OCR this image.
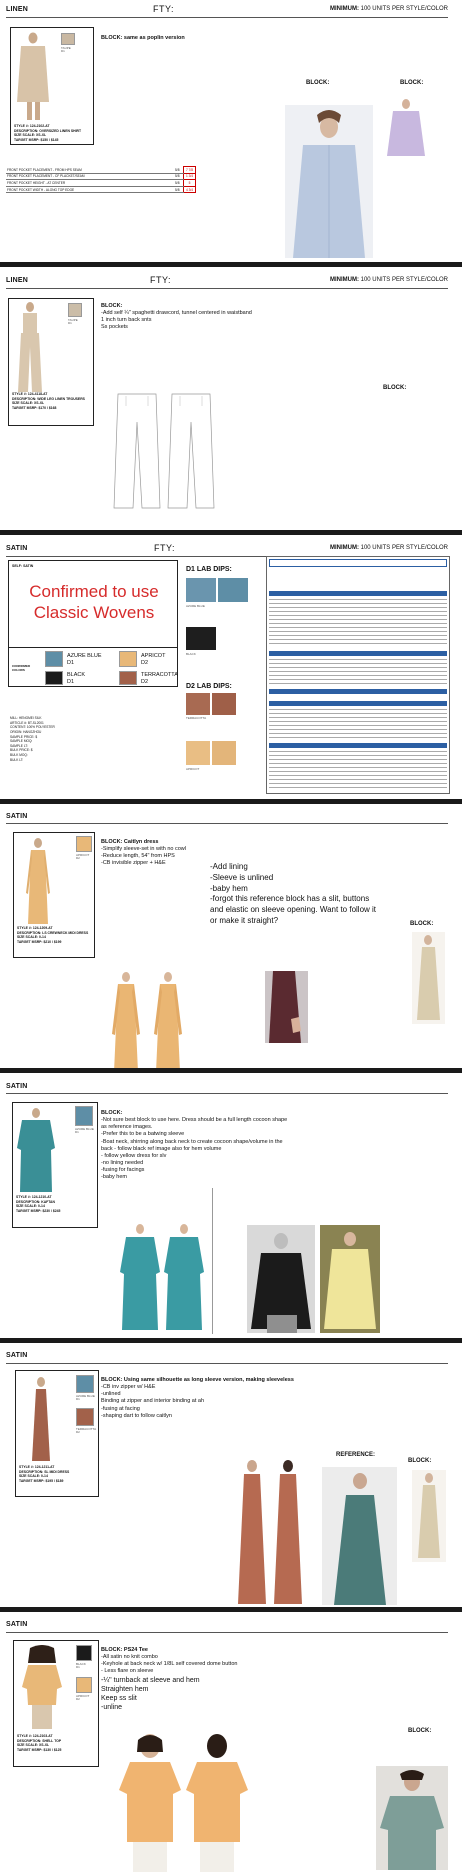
LINEN	FTY:	MINIMUM: 100 UNITS PER STYLE/COLOR
TAUPE
D1
STYLE #: 124-2102-AT
DESCRIPTION: OVERSIZED LINEN SHIRT
SIZE SCALE: XS-XL
TARGET MSRP: $150 / $145
BLOCK: same as poplin version
BLOCK:	BLOCK:
FRONT POCKET PLACEMENT - FROM HPS SEAM	5/8	7 7/8
FRONT POCKET PLACEMENT - CF PLACKET/SEAM	5/8	1 3/4
FRONT POCKET HEIGHT - AT CENTER	5/8	5
FRONT POCKET WIDTH - ALONG TOP EDGE	5/8	4 3/4
LINEN	FTY:	MINIMUM: 100 UNITS PER STYLE/COLOR
TAUPE
D1
STYLE #: 124-4118-AT
DESCRIPTION: WIDE LEG LINEN TROUSERS
SIZE SCALE: XS-XL
TARGET MSRP: $170 / $168
BLOCK:
-Add self ¼" spaghetti drawcord, tunnel centered in waistband
1 inch turn back snts
Ss pockets
BLOCK:
SATIN	FTY:	MINIMUM: 100 UNITS PER STYLE/COLOR
SELF: SATIN
Confirmed to use Classic Wovens
CONFIRMED COLORS
AZURE BLUE
D1
APRICOT
D2
BLACK
D1
TERRACOTTA
D2
MILL: HENGMEI SILK
ARTICLE #: BT-SL2001
CONTENT: 100% POLYESTER
ORIGIN: HANGZHOU
SAMPLE PRICE: $
SAMPLE MOQ:
SAMPLE LT:
BULK PRICE: $
BULK MOQ:
BULK LT:
D1 LAB DIPS:
AZURE BLUE
BLACK
D2 LAB DIPS:
TERRACOTTA
APRICOT
SATIN
APRICOT
D2
STYLE #: 124-1209-AT
DESCRIPTION: LS CREWNECK MIDI DRESS
SIZE SCALE: 0-14
TARGET MSRP: $210 / $199
BLOCK: Caitlyn dress
-Simplify sleeve-set in with no cowl
-Reduce length, 54" from HPS
-CB invisible zipper + H&E	-Add lining
-Sleeve is unlined
-baby hem
-forgot this reference block has a slit, buttons and elastic on sleeve opening. Want to follow it or make it straight?	BLOCK:
SATIN
AZURE BLUE
D1
STYLE #: 124-1210-AT
DESCRIPTION: KAFTAN
SIZE SCALE: 0-14
TARGET MSRP: $230 / $245
BLOCK:
-Not sure best block to use here. Dress should be a full length cocoon shape as reference images.
-Prefer this to be a batwing sleeve
-Boat neck, shirring along back neck to create cocoon shape/volume in the back - follow black ref image also for hem volume
- follow yellow dress for slv
-no lining needed
-fusing for facings
-baby hem
SATIN
AZURE BLUE
D1
TERRACOTTA
D2
STYLE #: 124-1211-AT
DESCRIPTION: SL MIDI DRESS
SIZE SCALE: 0-14
TARGET MSRP: $195 / $189
BLOCK: Using same silhouette as long sleeve version, making sleeveless
-CB inv zipper w/ H&E
-unlined
Binding at zipper and interior binding at ah
-fusing at facing
-shaping dart to follow caitlyn
REFERENCE:
BLOCK:
SATIN
BLACK
D1
APRICOT
D2
STYLE #: 124-2103-AT
DESCRIPTION: SHELL TOP
SIZE SCALE: XS-XL
TARGET MSRP: $130 / $125
BLOCK: PS24 Tee
-All satin no knit combo
-Keyhole at back neck w/ 1/8L self covered dome button
- Less flare on sleeve
-¼" turnback at sleeve and hem
Straighten hem
Keep ss slit
-unline
BLOCK:
